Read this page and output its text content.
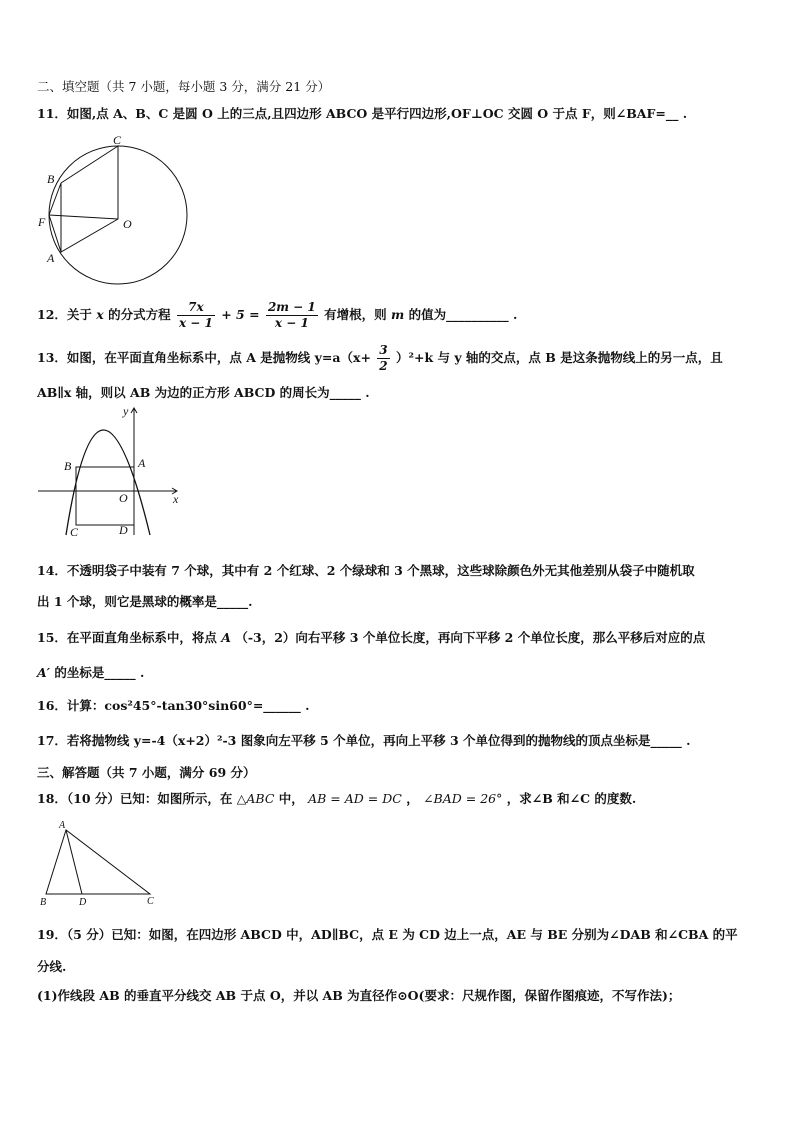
二、填空题（共 7 小题，每小题 3 分，满分 21 分）
11．如图,点 A、B、C 是圆 O 上的三点,且四边形 ABCO 是平行四边形,OF⊥OC 交圆 O 于点 F，则∠BAF=__ .
C
B
F	O
A
12．关于 x 的分式方程 $\frac{7x}{x - 1} + 5 = \frac{2m - 1}{x - 1}$ 有增根，则 m 的值为__________ .
13．如图，在平面直角坐标系中，点 A 是抛物线 $y=a(x+ \frac{3}{2} )^2+k$ 与 y 轴的交点，点 B 是这条抛物线上的另一点，且
AB∥x 轴，则以 AB 为边的正方形 ABCD 的周长为_____ .
y
x
B	A
O
C	D
14．不透明袋子中装有 7 个球，其中有 2 个红球、2 个绿球和 3 个黑球，这些球除颜色外无其他差别从袋子中随机取
出 1 个球，则它是黑球的概率是_____.
15．在平面直角坐标系中，将点 A （-3，2）向右平移 3 个单位长度，再向下平移 2 个单位长度，那么平移后对应的点
A′ 的坐标是_____ .
16．计算：cos²45°-tan30°sin60°=______ .
17．若将抛物线 y=-4（x+2）²-3 图象向左平移 5 个单位，再向上平移 3 个单位得到的抛物线的顶点坐标是_____ .
三、解答题（共 7 小题，满分 69 分）
18．（10 分）已知：如图所示，在 △ABC 中， AB = AD = DC ， ∠BAD = 26° ，求∠B 和∠C 的度数.
A
B	D	C
19．（5 分）已知：如图，在四边形 ABCD 中，AD∥BC，点 E 为 CD 边上一点，AE 与 BE 分别为∠DAB 和∠CBA 的平
分线.
(1)作线段 AB 的垂直平分线交 AB 于点 O，并以 AB 为直径作⊙O(要求：尺规作图，保留作图痕迹，不写作法)；
